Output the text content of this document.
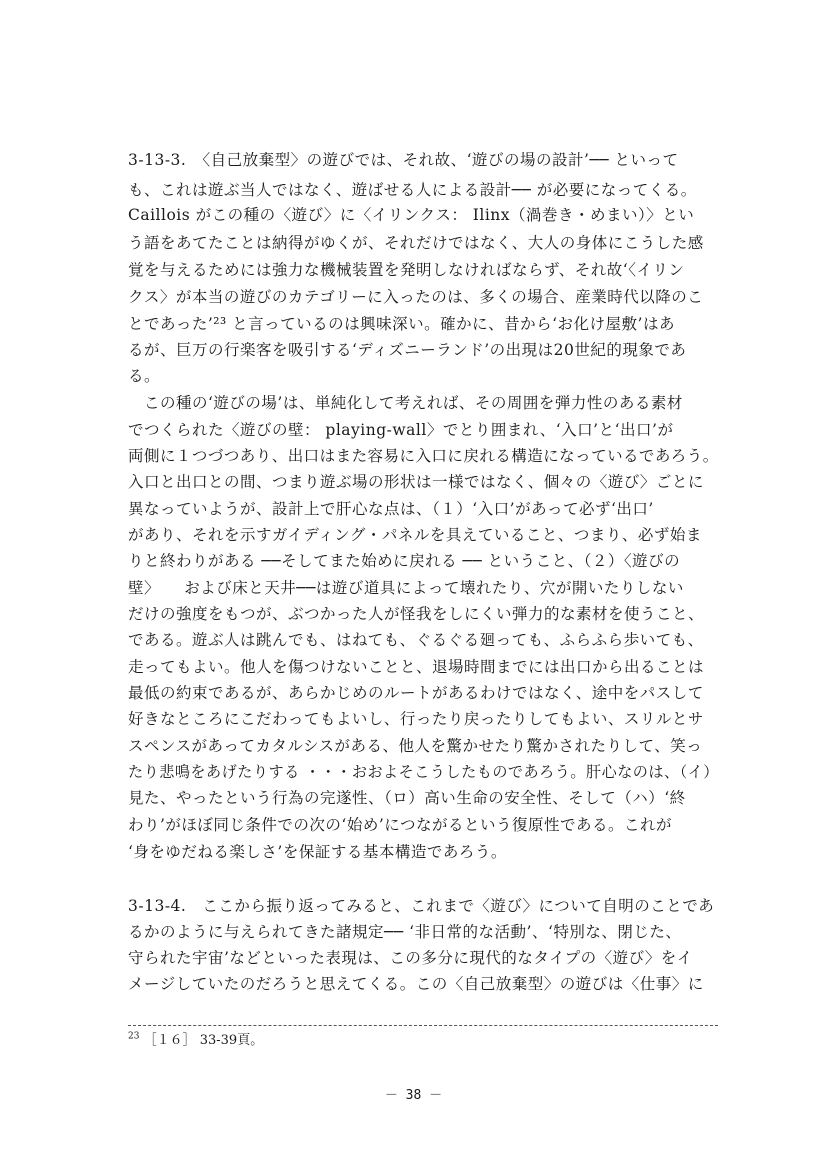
3-13-3.　〈自己放棄型〉の遊びでは、それ故、‘遊びの場の設計’── といって
も、これは遊ぶ当人ではなく、遊ばせる人による設計── が必要になってくる。
Caillois がこの種の〈遊び〉に〈イリンクス： Ilinx（渦巻き・めまい）〉とい
う語をあてたことは納得がゆくが、それだけではなく、大人の身体にこうした感
覚を与えるためには強力な機械装置を発明しなければならず、それ故‘〈イリン
クス〉が本当の遊びのカテゴリーに入ったのは、多くの場合、産業時代以降のこ
とであった’²³ と言っているのは興味深い。確かに、昔から‘お化け屋敷’はあ
るが、巨万の行楽客を吸引する‘ディズニーランド’の出現は20世紀的現象であ
る。
この種の‘遊びの場’は、単純化して考えれば、その周囲を弾力性のある素材
でつくられた〈遊びの壁： playing-wall〉でとり囲まれ、‘入口’と‘出口’が
両側に１つづつあり、出口はまた容易に入口に戻れる構造になっているであろう。
入口と出口との間、つまり遊ぶ場の形状は一様ではなく、個々の〈遊び〉ごとに
異なっていようが、設計上で肝心な点は、（１）‘入口’があって必ず‘出口’
があり、それを示すガイディング・パネルを具えていること、つまり、必ず始ま
りと終わりがある ──そしてまた始めに戻れる ── ということ、（２）〈遊びの
壁〉　　および床と天井──は遊び道具によって壊れたり、穴が開いたりしない
だけの強度をもつが、ぶつかった人が怪我をしにくい弾力的な素材を使うこと、
である。遊ぶ人は跳んでも、はねても、ぐるぐる廻っても、ふらふら歩いても、
走ってもよい。他人を傷つけないことと、退場時間までには出口から出ることは
最低の約束であるが、あらかじめのルートがあるわけではなく、途中をパスして
好きなところにこだわってもよいし、行ったり戻ったりしてもよい、スリルとサ
スペンスがあってカタルシスがある、他人を驚かせたり驚かされたりして、笑っ
たり悲鳴をあげたりする ・・・おおよそこうしたものであろう。肝心なのは、（イ）
見た、やったという行為の完遂性、（ロ）高い生命の安全性、そして（ハ）‘終
わり’がほぼ同じ条件での次の‘始め’につながるという復原性である。これが
‘身をゆだねる楽しさ’を保証する基本構造であろう。
3-13-4.　ここから振り返ってみると、これまで〈遊び〉について自明のことであ
るかのように与えられてきた諸規定── ‘非日常的な活動’、‘特別な、閉じた、
守られた宇宙’などといった表現は、この多分に現代的なタイプの〈遊び〉をイ
メージしていたのだろうと思えてくる。この〈自己放棄型〉の遊びは〈仕事〉に
$^{23}$ ［１６］ 33-39頁。
－ 38 －
